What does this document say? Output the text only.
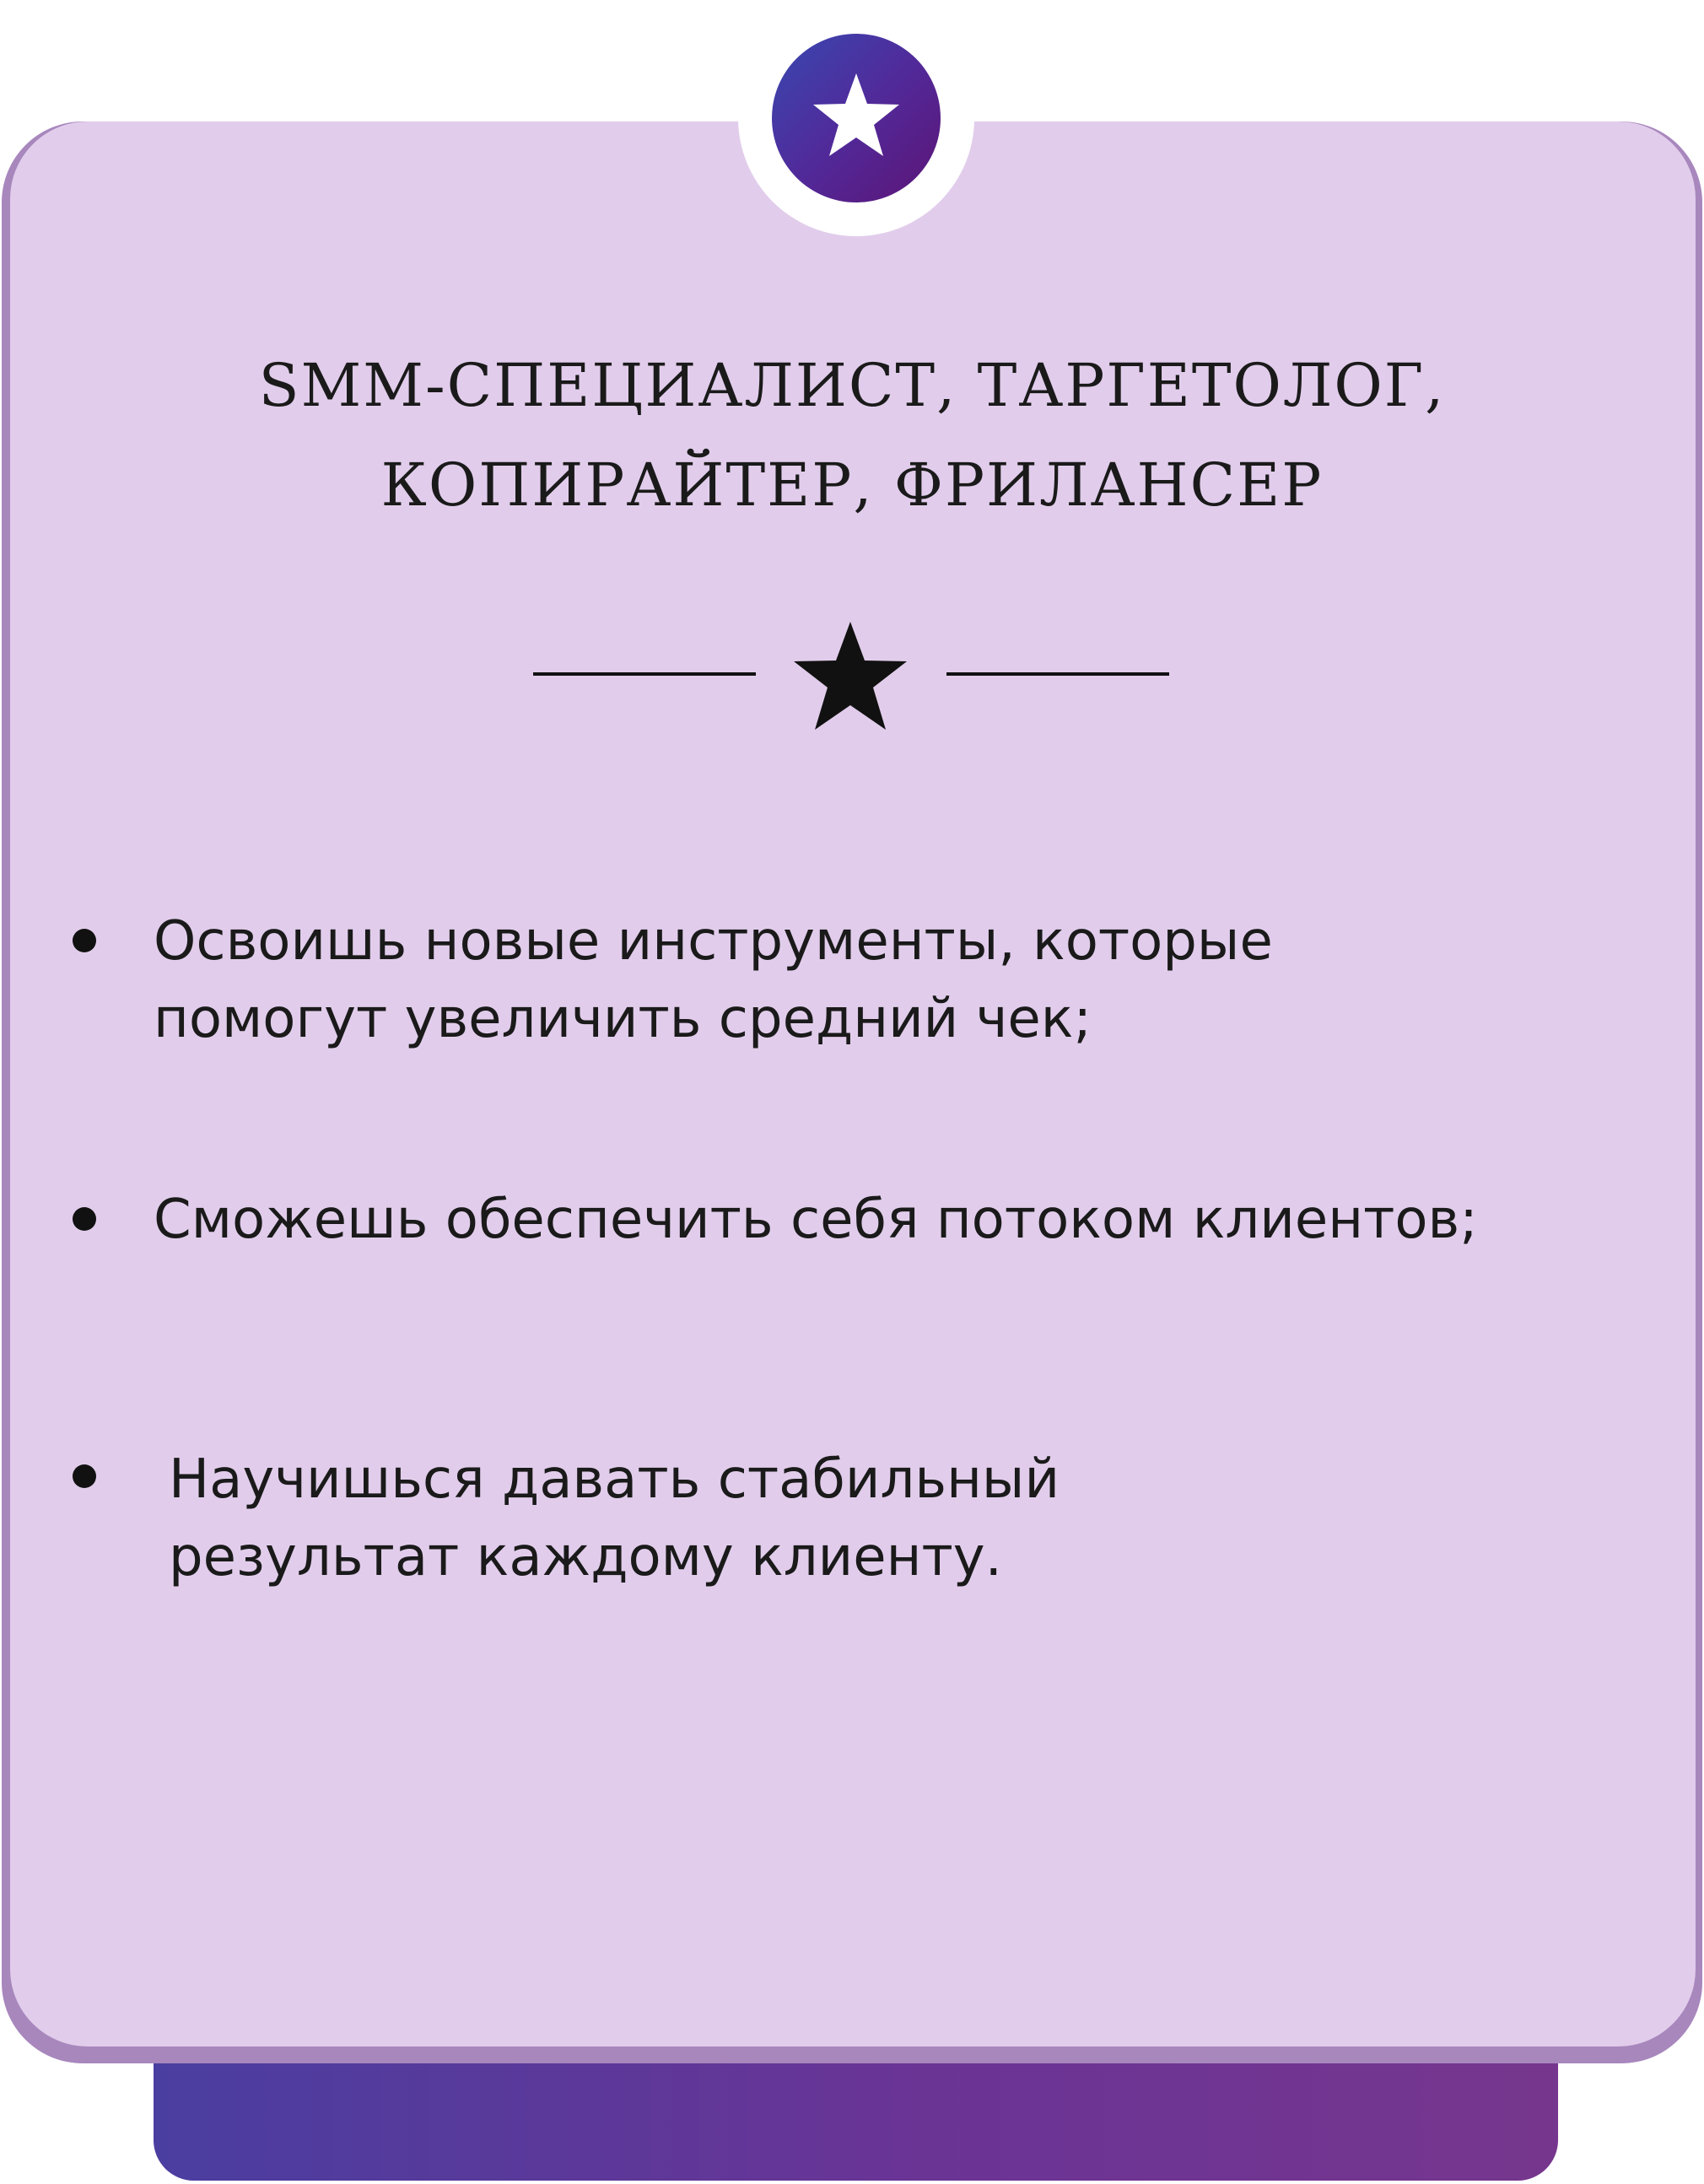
SMM-СПЕЦИАЛИСТ, ТАРГЕТОЛОГ,
КОПИРАЙТЕР, ФРИЛАНСЕР
Освоишь новые инструменты, которые
помогут увеличить средний чек;
Сможешь обеспечить себя потоком клиентов;
Научишься давать стабильный
результат каждому клиенту.
